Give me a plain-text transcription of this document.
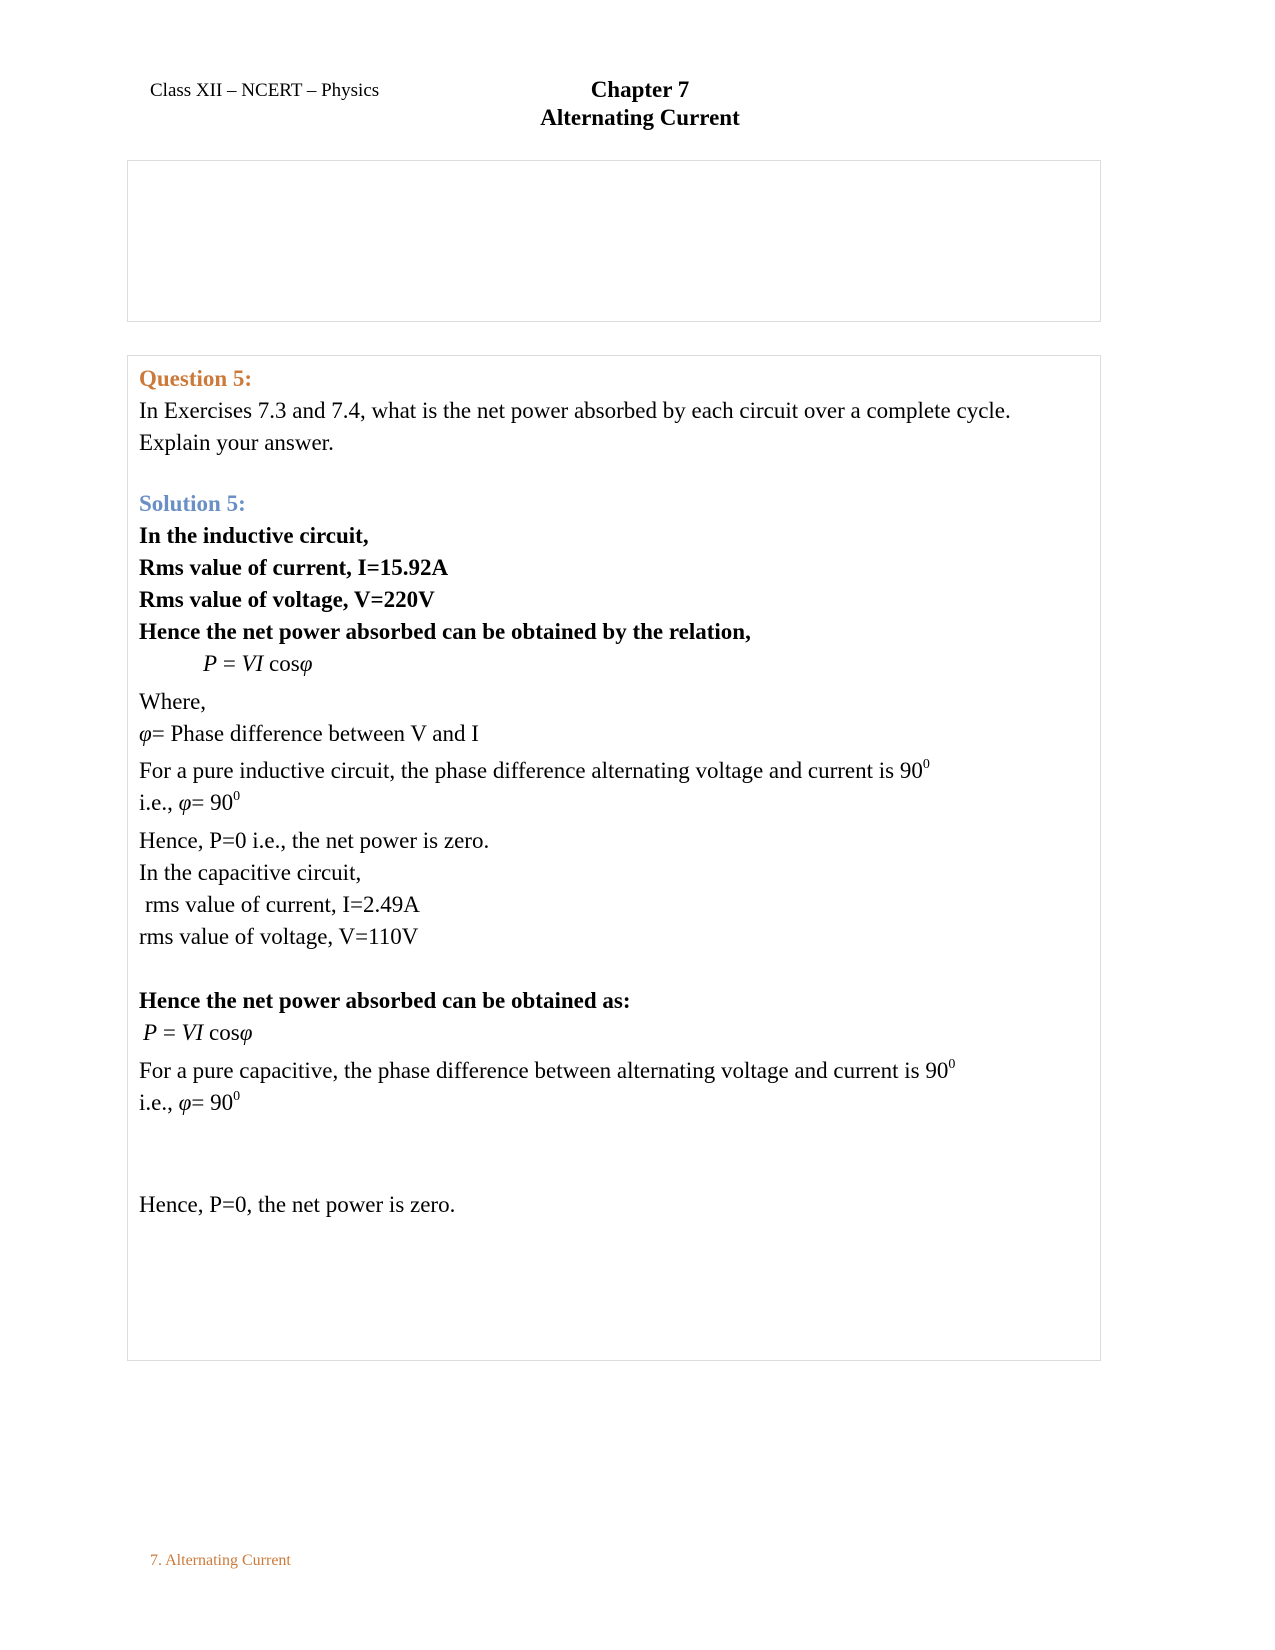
Class XII – NCERT – Physics	Chapter 7
Alternating Current
Question 5:
In Exercises 7.3 and 7.4, what is the net power absorbed by each circuit over a complete cycle.
Explain your answer.
Solution 5:
In the inductive circuit,
Rms value of current, I=15.92A
Rms value of voltage, V=220V
Hence the net power absorbed can be obtained by the relation,
P = VI cosφ
Where,
φ= Phase difference between V and I
For a pure inductive circuit, the phase difference alternating voltage and current is $90^0$
i.e., $\varphi= 90^0$
Hence, P=0 i.e., the net power is zero.
In the capacitive circuit,
rms value of current, I=2.49A
rms value of voltage, V=110V
Hence the net power absorbed can be obtained as:
P = VI cosφ
For a pure capacitive, the phase difference between alternating voltage and current is $90^0$
i.e., $\varphi= 90^0$
Hence, P=0, the net power is zero.
7. Alternating Current
